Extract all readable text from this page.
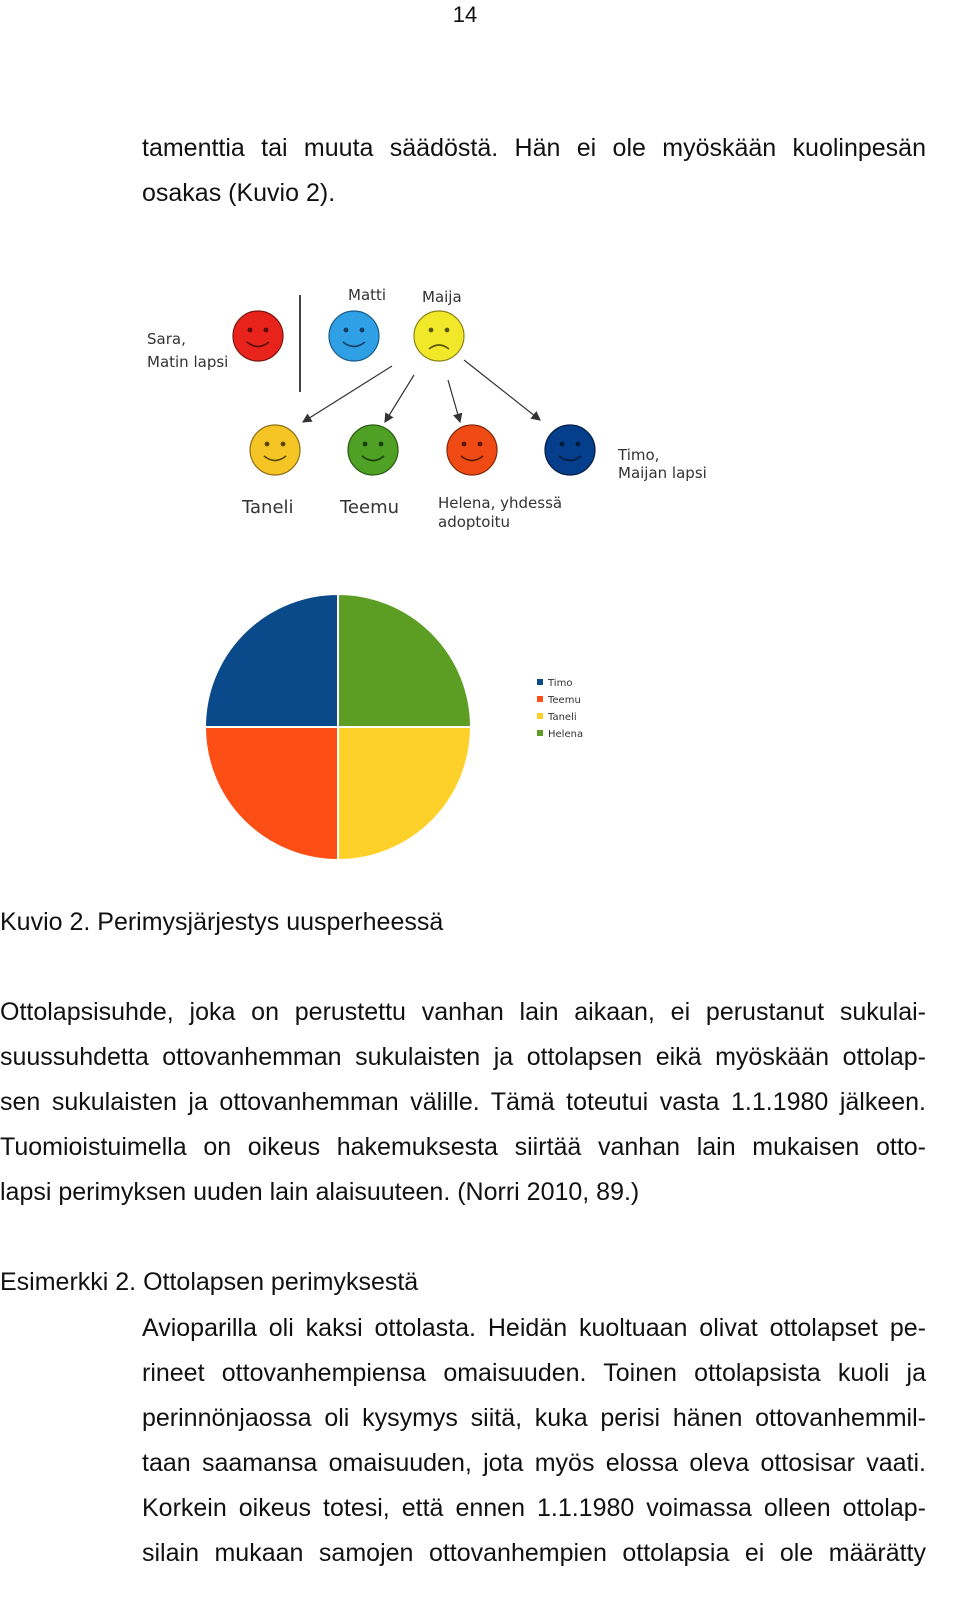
14
tamenttia tai muuta säädöstä. Hän ei ole myöskään kuolinpesän
osakas (Kuvio 2).
Sara,
Matin lapsi
Matti Maija
Taneli	Teemu	Helena, yhdessä
adoptoitu
Timo,
Maijan lapsi
Timo
Teemu
Taneli
Helena
Kuvio 2. Perimysjärjestys uusperheessä
Ottolapsisuhde, joka on perustettu vanhan lain aikaan, ei perustanut sukulai-
suussuhdetta ottovanhemman sukulaisten ja ottolapsen eikä myöskään ottolap-
sen sukulaisten ja ottovanhemman välille. Tämä toteutui vasta 1.1.1980 jälkeen.
Tuomioistuimella on oikeus hakemuksesta siirtää vanhan lain mukaisen otto-
lapsi perimyksen uuden lain alaisuuteen. (Norri 2010, 89.)
Esimerkki 2. Ottolapsen perimyksestä
Avioparilla oli kaksi ottolasta. Heidän kuoltuaan olivat ottolapset pe-
rineet ottovanhempiensa omaisuuden. Toinen ottolapsista kuoli ja
perinnönjaossa oli kysymys siitä, kuka perisi hänen ottovanhemmil-
taan saamansa omaisuuden, jota myös elossa oleva ottosisar vaati.
Korkein oikeus totesi, että ennen 1.1.1980 voimassa olleen ottolap-
silain mukaan samojen ottovanhempien ottolapsia ei ole määrätty
